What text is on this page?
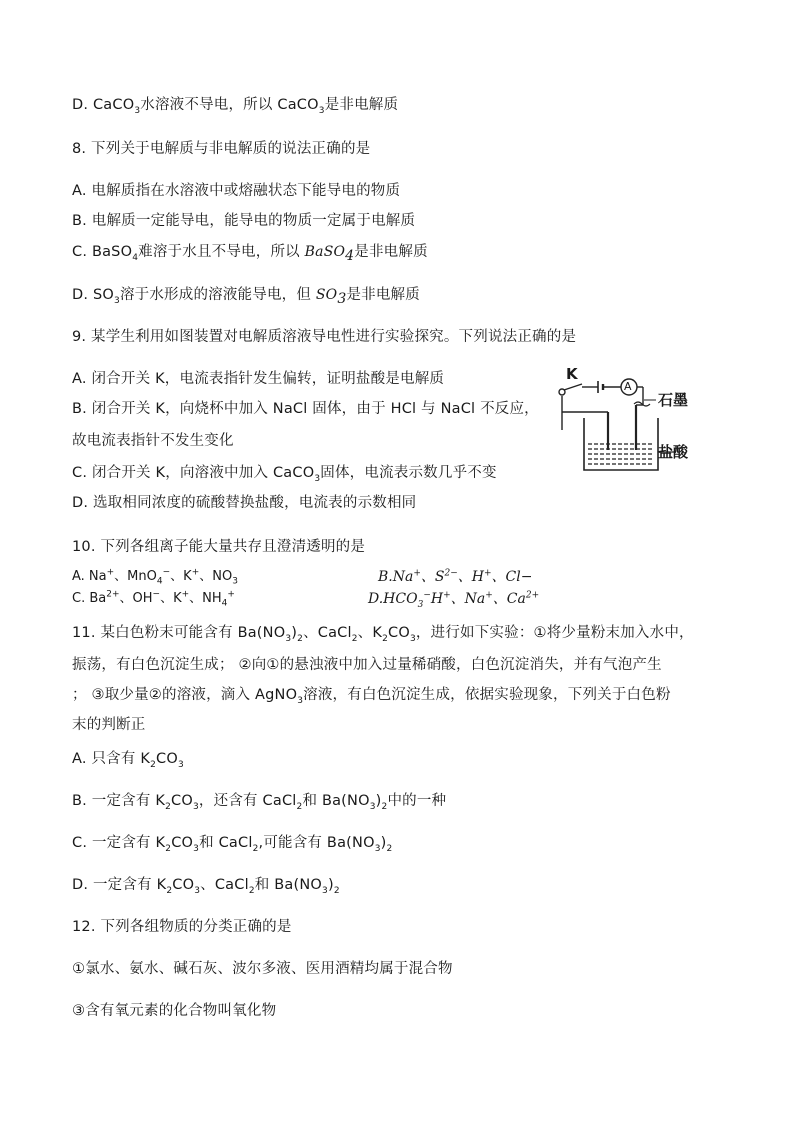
D. CaCO$_3$水溶液不导电，所以 CaCO$_3$是非电解质
8. 下列关于电解质与非电解质的说法正确的是
A. 电解质指在水溶液中或熔融状态下能导电的物质
B. 电解质一定能导电，能导电的物质一定属于电解质
C. BaSO$_4$难溶于水且不导电，所以 BaSO$_4$是非电解质
D. $SO_3$溶于水形成的溶液能导电，但 $SO_3$是非电解质
9. 某学生利用如图装置对电解质溶液导电性进行实验探究。下列说法正确的是
A. 闭合开关 K，电流表指针发生偏转，证明盐酸是电解质
B. 闭合开关 K，向烧杯中加入 NaCl 固体，由于 HCl 与 NaCl 不反应，
故电流表指针不发生变化
C. 闭合开关 K，向溶液中加入 CaCO$_3$固体，电流表示数几乎不变
D. 选取相同浓度的硫酸替换盐酸，电流表的示数相同
K
A
石墨
盐酸
10. 下列各组离子能大量共存且澄清透明的是
A. Na+、MnO$_4$−、K+、$NO_3$	B.Na+、$S^{2-}$、H+、Cl−
C. $Ba^{2+}$、OH−、K+、$NH_4^+$	$D.HCO_3^-H^+$、Na+、$Ca^{2+}$
11. 某白色粉末可能含有 $Ba(NO_3)_2$、CaCl$_2$、$K_2CO_3$，进行如下实验：①将少量粉末加入水中，
振荡，有白色沉淀生成； ②向①的悬浊液中加入过量稀硝酸，白色沉淀消失，并有气泡产生
； ③取少量②的溶液，滴入 AgNO$_3$溶液，有白色沉淀生成，依据实验现象，下列关于白色粉
末的判断正
A. 只含有 $K_2CO_3$
B. 一定含有 $K_2CO_3$，还含有 CaCl$_2$和 $Ba(NO_3)_2$中的一种
C. 一定含有 $K_2CO_3$和 CaCl$_2$,可能含有 $Ba(NO_3)_2$
D. 一定含有 $K_2CO_3$、CaCl$_2$和 $Ba(NO_3)_2$
12. 下列各组物质的分类正确的是
①氯水、氨水、碱石灰、波尔多液、医用酒精均属于混合物
③含有氧元素的化合物叫氧化物
